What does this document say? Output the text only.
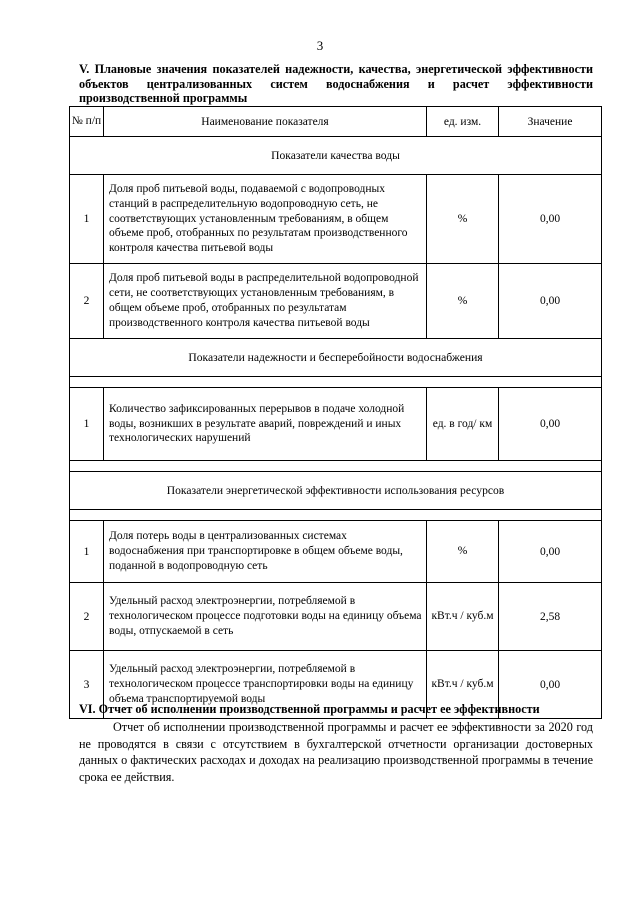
3
V. Плановые значения показателей надежности, качества, энергетической эффективности объектов централизованных систем водоснабжения и расчет эффективности производственной программы
№ п/п	Наименование показателя	ед. изм.	Значение
Показатели качества воды			
1	Доля проб питьевой воды, подаваемой с водопроводных станций в распределительную водопроводную сеть, не соответствующих установленным требованиям, в общем объеме проб, отобранных по результатам производственного контроля качества питьевой воды	%	0,00
2	Доля проб питьевой воды в распределительной водопроводной сети, не соответствующих установленным требованиям, в общем объеме проб, отобранных по результатам производственного контроля качества питьевой воды	%	0,00
Показатели надежности и бесперебойности водоснабжения			

1	Количество зафиксированных перерывов в подаче холодной воды, возникших в результате аварий, повреждений и иных технологических нарушений	ед. в год/ км	0,00

Показатели энергетической эффективности использования ресурсов			

1	Доля потерь воды в централизованных системах водоснабжения при транспортировке в общем объеме воды, поданной в водопроводную сеть	%	0,00
2	Удельный расход электроэнергии, потребляемой в технологическом процессе подготовки воды на единицу объема воды, отпускаемой в сеть	кВт.ч / куб.м	2,58
3	Удельный расход электроэнергии, потребляемой в технологическом процессе транспортировки воды на единицу объема транспортируемой воды	кВт.ч / куб.м	0,00
VI. Отчет об исполнении производственной программы и расчет ее эффективности
Отчет об исполнении производственной программы и расчет ее эффективности за 2020 год не проводятся в связи с отсутствием в бухгалтерской отчетности организации достоверных данных о фактических расходах и доходах на реализацию производственной программы в течение срока ее действия.
